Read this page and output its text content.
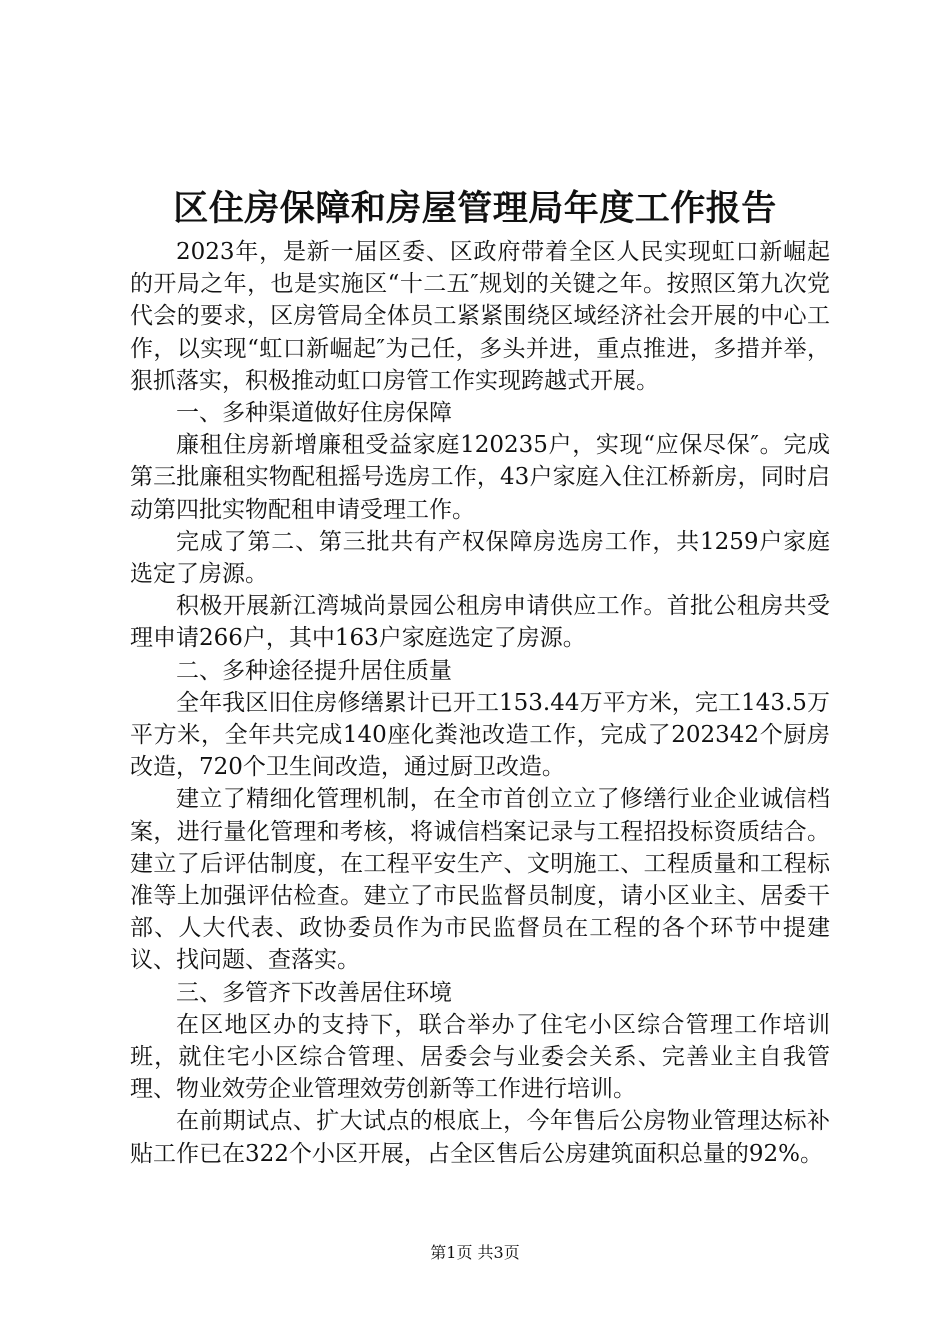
区住房保障和房屋管理局年度工作报告

2023年，是新一届区委、区政府带着全区人民实现虹口新崛起的开局之年，也是实施区“十二五″规划的关键之年。按照区第九次党代会的要求，区房管局全体员工紧紧围绕区域经济社会开展的中心工作，以实现“虹口新崛起″为己任，多头并进，重点推进，多措并举，狠抓落实，积极推动虹口房管工作实现跨越式开展。

一、多种渠道做好住房保障

廉租住房新增廉租受益家庭120235户，实现“应保尽保″。完成第三批廉租实物配租摇号选房工作，43户家庭入住江桥新房，同时启动第四批实物配租申请受理工作。

完成了第二、第三批共有产权保障房选房工作，共1259户家庭选定了房源。

积极开展新江湾城尚景园公租房申请供应工作。首批公租房共受理申请266户，其中163户家庭选定了房源。

二、多种途径提升居住质量

全年我区旧住房修缮累计已开工153.44万平方米，完工143.5万平方米，全年共完成140座化粪池改造工作，完成了202342个厨房改造，720个卫生间改造，通过厨卫改造。

建立了精细化管理机制，在全市首创立立了修缮行业企业诚信档案，进行量化管理和考核，将诚信档案记录与工程招投标资质结合。建立了后评估制度，在工程平安生产、文明施工、工程质量和工程标准等上加强评估检查。建立了市民监督员制度，请小区业主、居委干部、人大代表、政协委员作为市民监督员在工程的各个环节中提建议、找问题、查落实。

三、多管齐下改善居住环境

在区地区办的支持下，联合举办了住宅小区综合管理工作培训班，就住宅小区综合管理、居委会与业委会关系、完善业主自我管理、物业效劳企业管理效劳创新等工作进行培训。

在前期试点、扩大试点的根底上，今年售后公房物业管理达标补贴工作已在322个小区开展，占全区售后公房建筑面积总量的92%。

第1页 共3页
